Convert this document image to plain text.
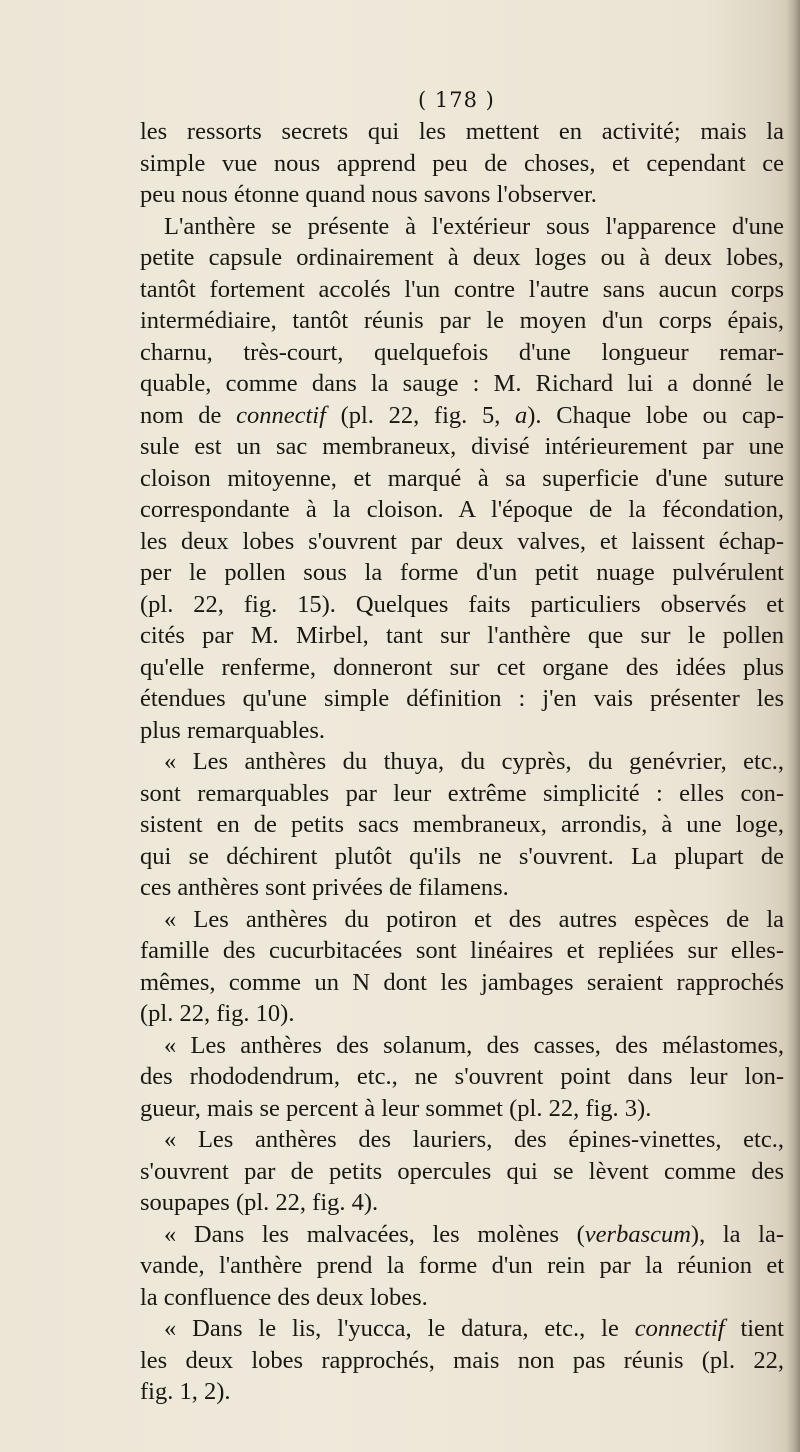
( 178 )
les ressorts secrets qui les mettent en activité; mais la
simple vue nous apprend peu de choses, et cependant ce
peu nous étonne quand nous savons l'observer.
L'anthère se présente à l'extérieur sous l'apparence d'une
petite capsule ordinairement à deux loges ou à deux lobes,
tantôt fortement accolés l'un contre l'autre sans aucun corps
intermédiaire, tantôt réunis par le moyen d'un corps épais,
charnu, très-court, quelquefois d'une longueur remar-
quable, comme dans la sauge : M. Richard lui a donné le
nom de connectif (pl. 22, fig. 5, a). Chaque lobe ou cap-
sule est un sac membraneux, divisé intérieurement par une
cloison mitoyenne, et marqué à sa superficie d'une suture
correspondante à la cloison. A l'époque de la fécondation,
les deux lobes s'ouvrent par deux valves, et laissent échap-
per le pollen sous la forme d'un petit nuage pulvérulent
(pl. 22, fig. 15). Quelques faits particuliers observés et
cités par M. Mirbel, tant sur l'anthère que sur le pollen
qu'elle renferme, donneront sur cet organe des idées plus
étendues qu'une simple définition : j'en vais présenter les
plus remarquables.
« Les anthères du thuya, du cyprès, du genévrier, etc.,
sont remarquables par leur extrême simplicité : elles con-
sistent en de petits sacs membraneux, arrondis, à une loge,
qui se déchirent plutôt qu'ils ne s'ouvrent. La plupart de
ces anthères sont privées de filamens.
« Les anthères du potiron et des autres espèces de la
famille des cucurbitacées sont linéaires et repliées sur elles-
mêmes, comme un N dont les jambages seraient rapprochés
(pl. 22, fig. 10).
« Les anthères des solanum, des casses, des mélastomes,
des rhododendrum, etc., ne s'ouvrent point dans leur lon-
gueur, mais se percent à leur sommet (pl. 22, fig. 3).
« Les anthères des lauriers, des épines-vinettes, etc.,
s'ouvrent par de petits opercules qui se lèvent comme des
soupapes (pl. 22, fig. 4).
« Dans les malvacées, les molènes (verbascum), la la-
vande, l'anthère prend la forme d'un rein par la réunion et
la confluence des deux lobes.
« Dans le lis, l'yucca, le datura, etc., le connectif tient
les deux lobes rapprochés, mais non pas réunis (pl. 22,
fig. 1, 2).
